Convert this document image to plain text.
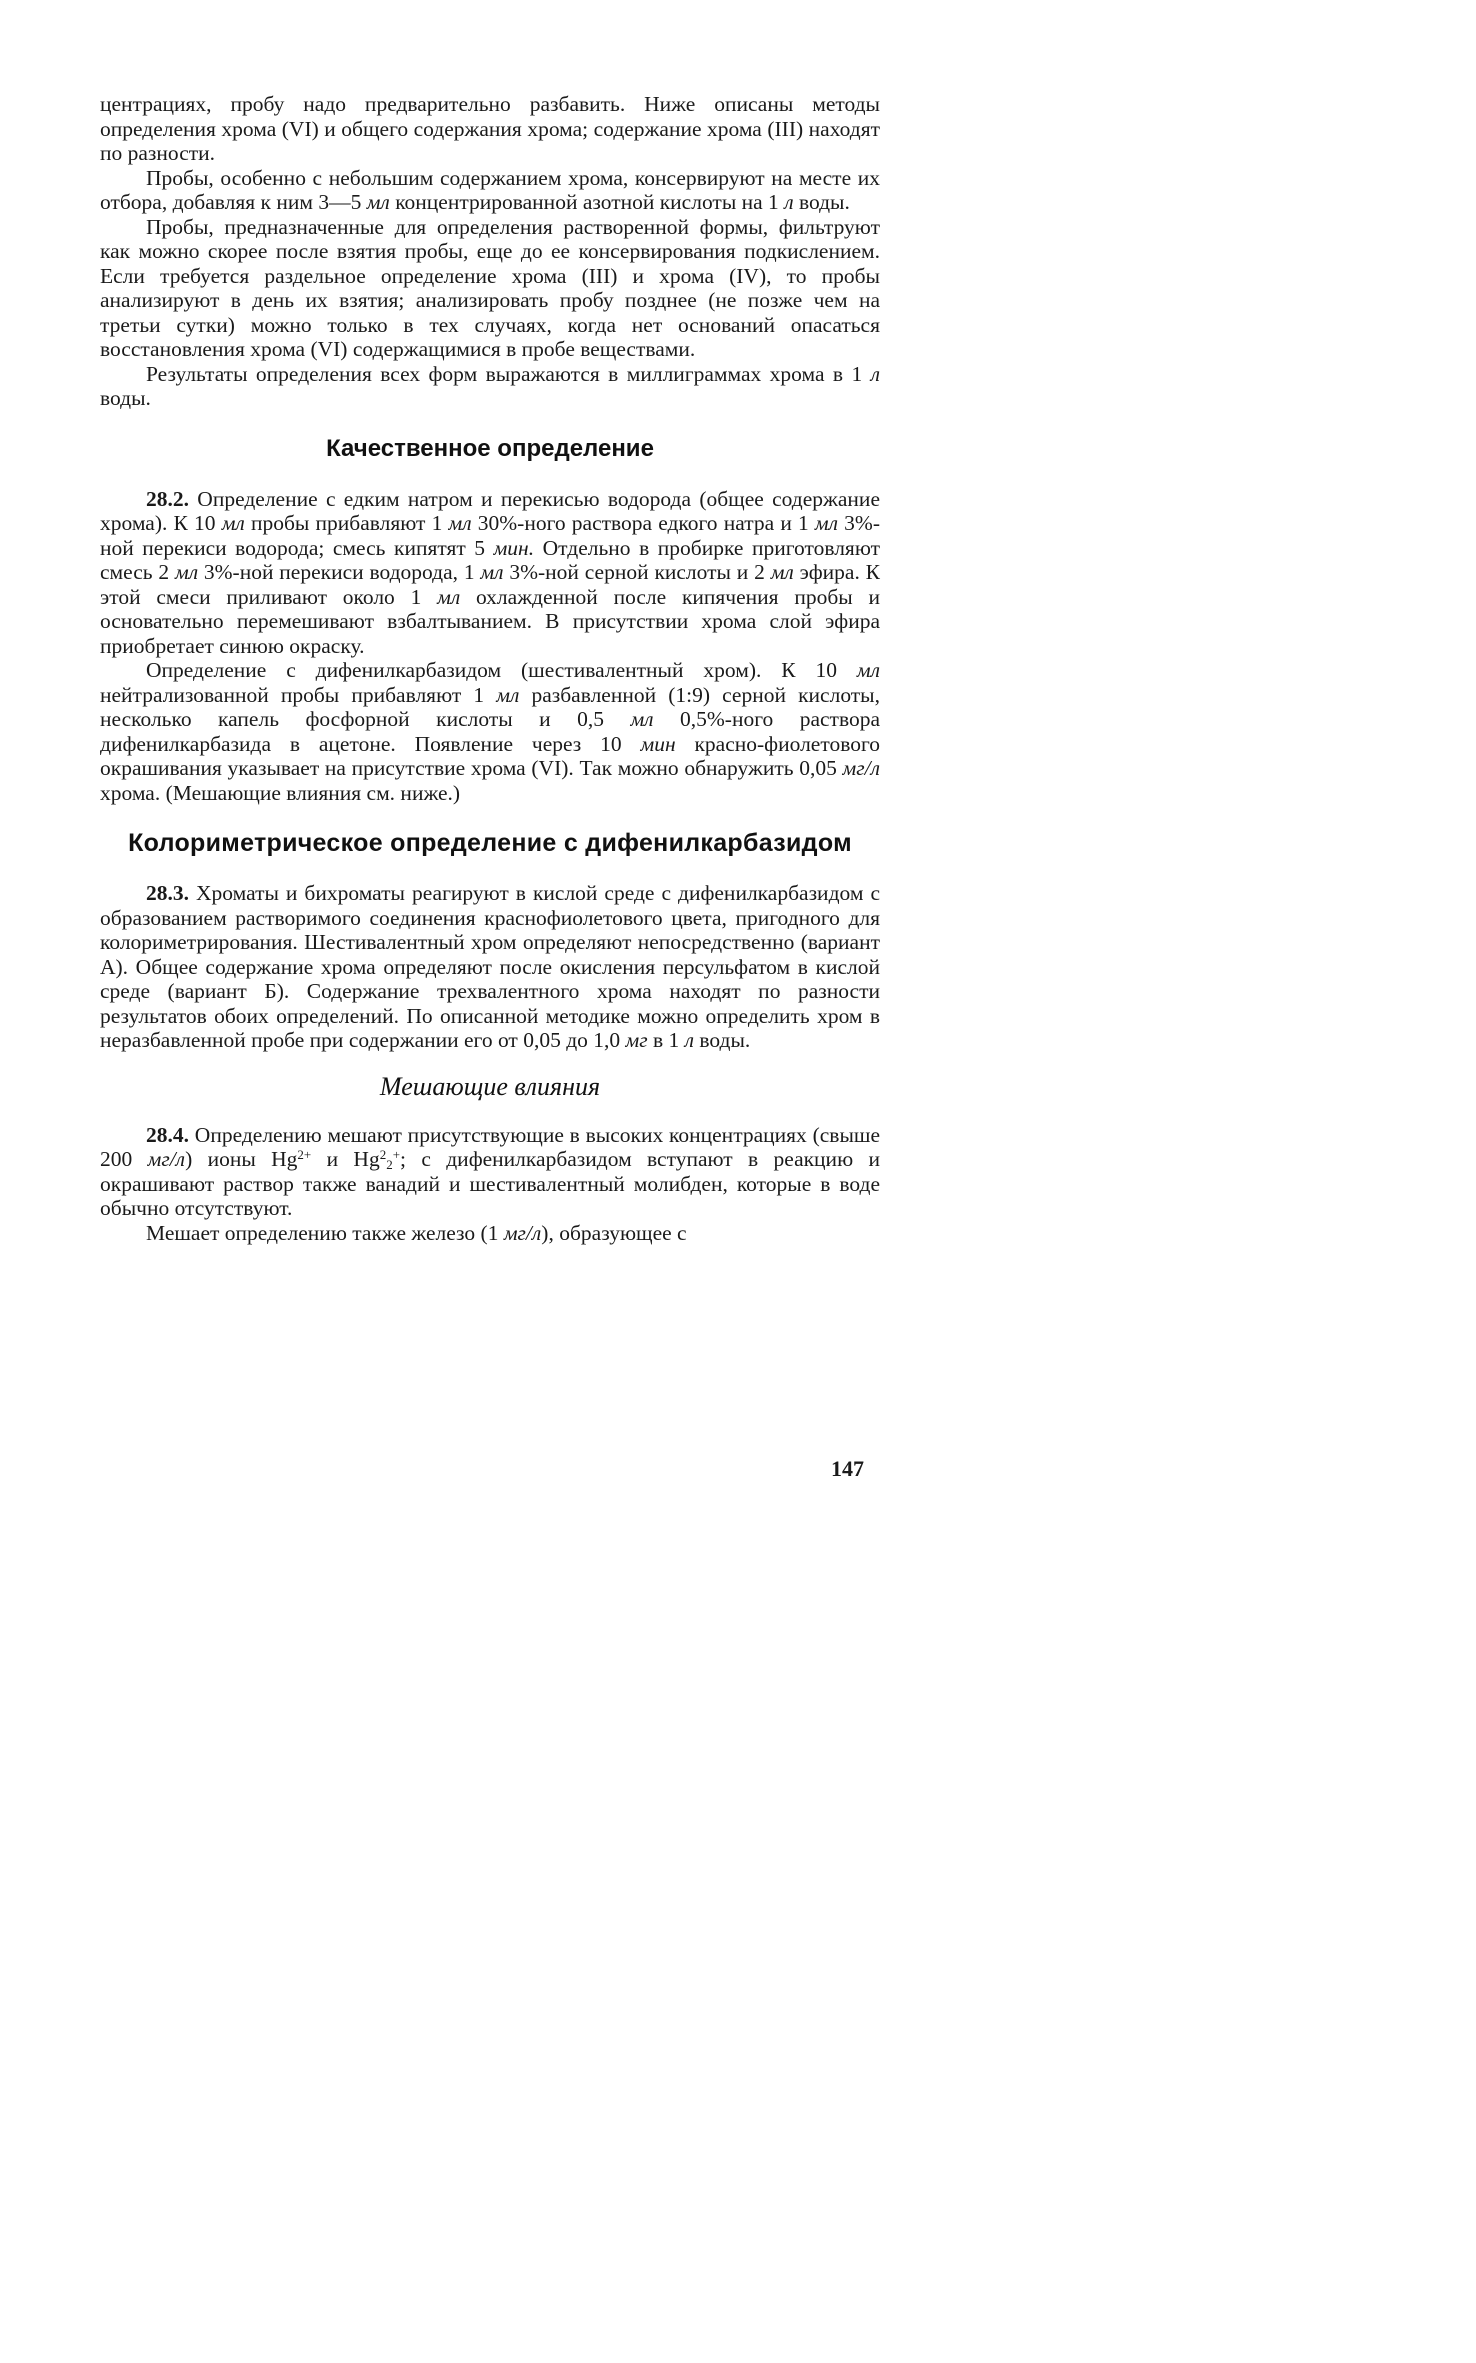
центрациях, пробу надо предварительно разбавить. Ниже описаны методы определения хрома (VI) и общего содержания хрома; содержание хрома (III) находят по разности.

Пробы, особенно с небольшим содержанием хрома, консервируют на месте их отбора, добавляя к ним 3—5 мл концентрированной азотной кислоты на 1 л воды.

Пробы, предназначенные для определения растворенной формы, фильтруют как можно скорее после взятия пробы, еще до ее консервирования подкислением. Если требуется раздельное определение хрома (III) и хрома (IV), то пробы анализируют в день их взятия; анализировать пробу позднее (не позже чем на третьи сутки) можно только в тех случаях, когда нет оснований опасаться восстановления хрома (VI) содержащимися в пробе веществами.

Результаты определения всех форм выражаются в миллиграммах хрома в 1 л воды.

Качественное определение

28.2. Определение с едким натром и перекисью водорода (общее содержание хрома). К 10 мл пробы прибавляют 1 мл 30%-ного раствора едкого натра и 1 мл 3%-ной перекиси водорода; смесь кипятят 5 мин. Отдельно в пробирке приготовляют смесь 2 мл 3%-ной перекиси водорода, 1 мл 3%-ной серной кислоты и 2 мл эфира. К этой смеси приливают около 1 мл охлажденной после кипячения пробы и основательно перемешивают взбалтыванием. В присутствии хрома слой эфира приобретает синюю окраску.

Определение с дифенилкарбазидом (шестивалентный хром). К 10 мл нейтрализованной пробы прибавляют 1 мл разбавленной (1:9) серной кислоты, несколько капель фосфорной кислоты и 0,5 мл 0,5%-ного раствора дифенилкарбазида в ацетоне. Появление через 10 мин красно-фиолетового окрашивания указывает на присутствие хрома (VI). Так можно обнаружить 0,05 мг/л хрома. (Мешающие влияния см. ниже.)

Колориметрическое определение с дифенилкарбазидом

28.3. Хроматы и бихроматы реагируют в кислой среде с дифенилкарбазидом с образованием растворимого соединения краснофиолетового цвета, пригодного для колориметрирования. Шестивалентный хром определяют непосредственно (вариант А). Общее содержание хрома определяют после окисления персульфатом в кислой среде (вариант Б). Содержание трехвалентного хрома находят по разности результатов обоих определений. По описанной методике можно определить хром в неразбавленной пробе при содержании его от 0,05 до 1,0 мг в 1 л воды.

Мешающие влияния

28.4. Определению мешают присутствующие в высоких концентрациях (свыше 200 мг/л) ионы $Hg^{2+}$ и $Hg^2_2^+$; с дифенилкарбазидом вступают в реакцию и окрашивают раствор также ванадий и шестивалентный молибден, которые в воде обычно отсутствуют.

Мешает определению также железо (1 мг/л), образующее с

147
